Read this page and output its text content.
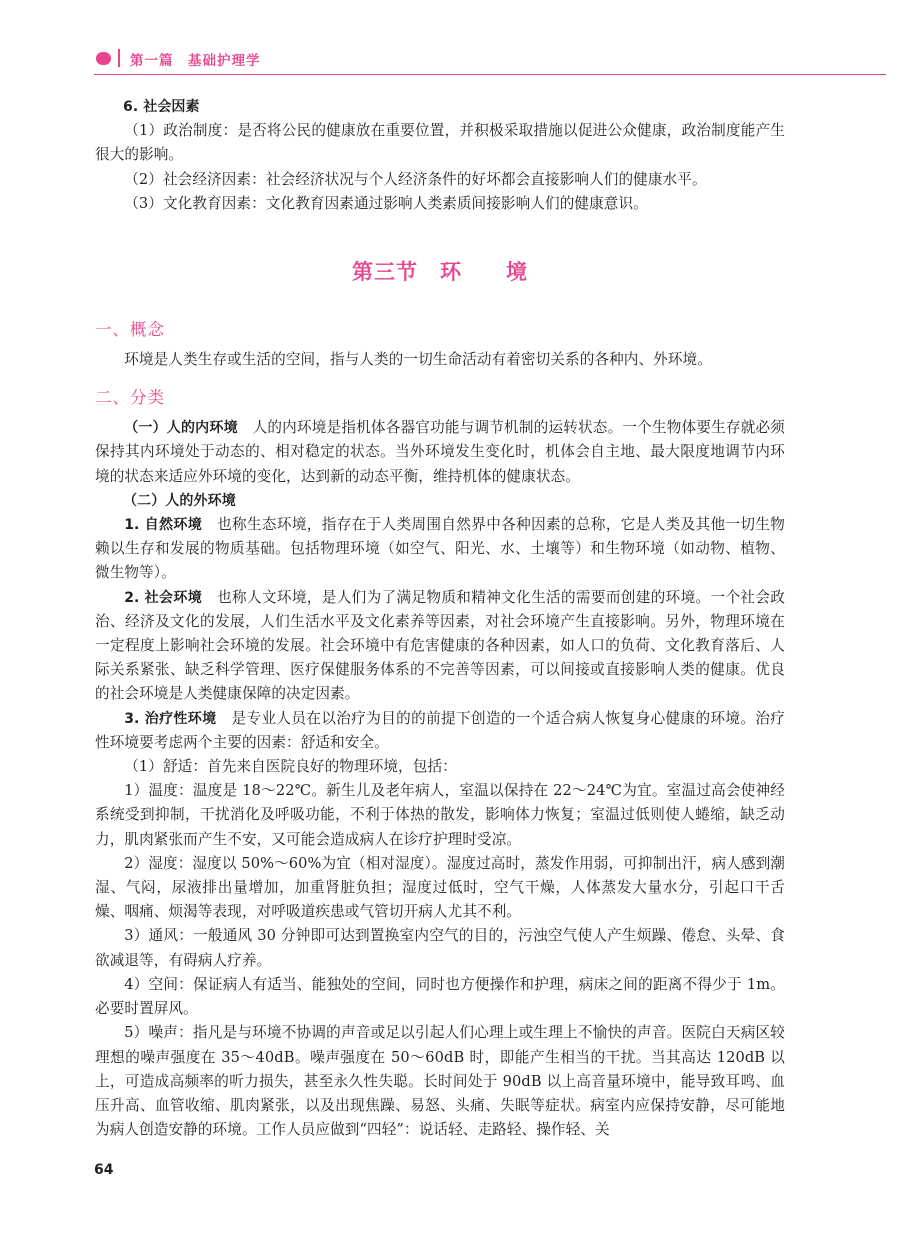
第一篇　基础护理学

6. 社会因素

（1）政治制度：是否将公民的健康放在重要位置，并积极采取措施以促进公众健康，政治制度能产生很大的影响。

（2）社会经济因素：社会经济状况与个人经济条件的好坏都会直接影响人们的健康水平。

（3）文化教育因素：文化教育因素通过影响人类素质间接影响人们的健康意识。

第三节　环　　境
一、概念

环境是人类生存或生活的空间，指与人类的一切生命活动有着密切关系的各种内、外环境。

二、分类

（一）人的内环境　 人的内环境是指机体各器官功能与调节机制的运转状态。一个生物体要生存就必须保持其内环境处于动态的、相对稳定的状态。当外环境发生变化时，机体会自主地、最大限度地调节内环境的状态来适应外环境的变化，达到新的动态平衡，维持机体的健康状态。

（二）人的外环境

1. 自然环境　 也称生态环境，指存在于人类周围自然界中各种因素的总称，它是人类及其他一切生物赖以生存和发展的物质基础。包括物理环境（如空气、阳光、水、土壤等）和生物环境（如动物、植物、微生物等）。

2. 社会环境　 也称人文环境，是人们为了满足物质和精神文化生活的需要而创建的环境。一个社会政治、经济及文化的发展，人们生活水平及文化素养等因素，对社会环境产生直接影响。另外，物理环境在一定程度上影响社会环境的发展。社会环境中有危害健康的各种因素，如人口的负荷、文化教育落后、人际关系紧张、缺乏科学管理、医疗保健服务体系的不完善等因素，可以间接或直接影响人类的健康。优良的社会环境是人类健康保障的决定因素。

3. 治疗性环境　 是专业人员在以治疗为目的的前提下创造的一个适合病人恢复身心健康的环境。治疗性环境要考虑两个主要的因素：舒适和安全。

（1）舒适：首先来自医院良好的物理环境，包括：

1）温度：温度是 18～22℃。新生儿及老年病人，室温以保持在 22～24℃为宜。室温过高会使神经系统受到抑制，干扰消化及呼吸功能，不利于体热的散发，影响体力恢复；室温过低则使人蜷缩，缺乏动力，肌肉紧张而产生不安，又可能会造成病人在诊疗护理时受凉。

2）湿度：湿度以 50%～60%为宜（相对湿度）。湿度过高时，蒸发作用弱，可抑制出汗，病人感到潮湿、气闷，尿液排出量增加，加重肾脏负担；湿度过低时，空气干燥，人体蒸发大量水分，引起口干舌燥、咽痛、烦渴等表现，对呼吸道疾患或气管切开病人尤其不利。

3）通风：一般通风 30 分钟即可达到置换室内空气的目的，污浊空气使人产生烦躁、倦怠、头晕、食欲减退等，有碍病人疗养。

4）空间：保证病人有适当、能独处的空间，同时也方便操作和护理，病床之间的距离不得少于 1m。必要时置屏风。

5）噪声：指凡是与环境不协调的声音或足以引起人们心理上或生理上不愉快的声音。医院白天病区较理想的噪声强度在 35～40dB。噪声强度在 50～60dB 时，即能产生相当的干扰。当其高达 120dB 以上，可造成高频率的听力损失，甚至永久性失聪。长时间处于 90dB 以上高音量环境中，能导致耳鸣、血压升高、血管收缩、肌肉紧张，以及出现焦躁、易怒、头痛、失眠等症状。病室内应保持安静，尽可能地为病人创造安静的环境。工作人员应做到“四轻”：说话轻、走路轻、操作轻、关

64
